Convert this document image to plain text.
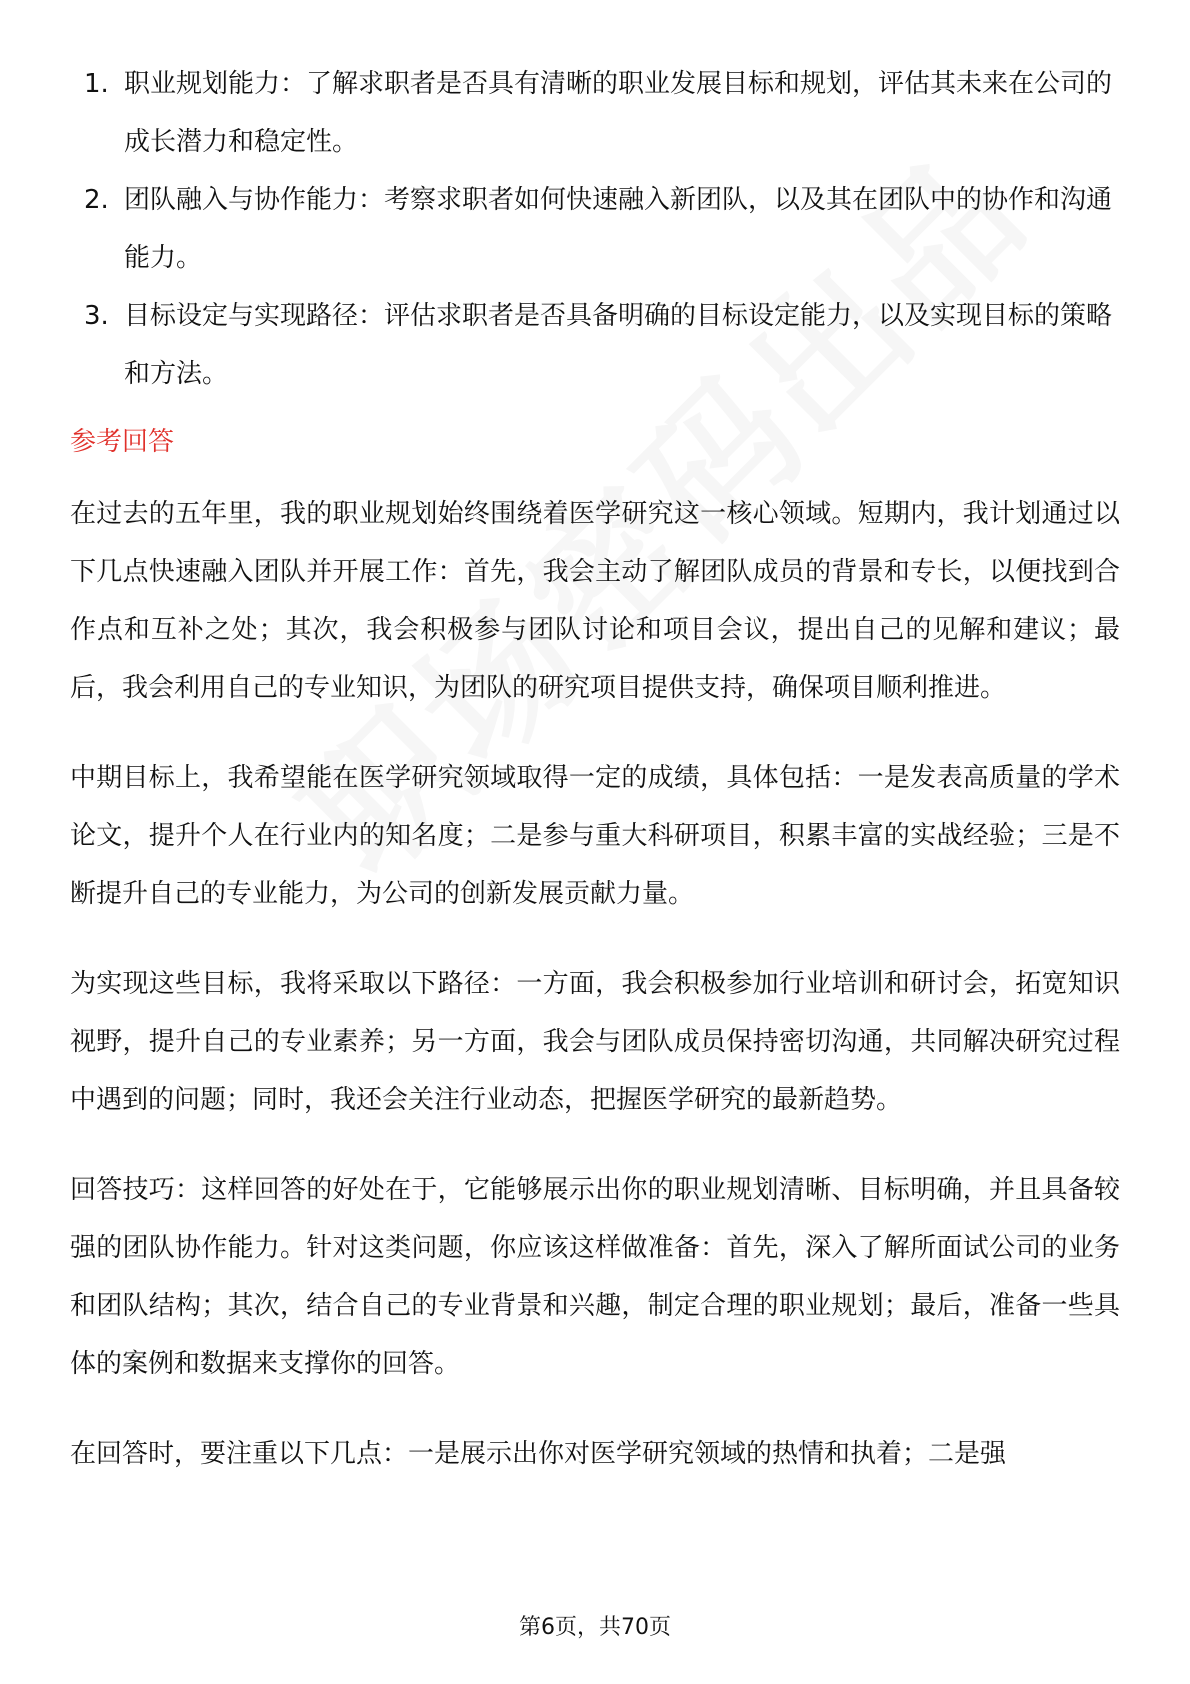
1. 职业规划能力：了解求职者是否具有清晰的职业发展目标和规划，评估其未来在公司的成长潜力和稳定性。
2. 团队融入与协作能力：考察求职者如何快速融入新团队，以及其在团队中的协作和沟通能力。
3. 目标设定与实现路径：评估求职者是否具备明确的目标设定能力，以及实现目标的策略和方法。
参考回答

在过去的五年里，我的职业规划始终围绕着医学研究这一核心领域。短期内，我计划通过以下几点快速融入团队并开展工作：首先，我会主动了解团队成员的背景和专长，以便找到合作点和互补之处；其次，我会积极参与团队讨论和项目会议，提出自己的见解和建议；最后，我会利用自己的专业知识，为团队的研究项目提供支持，确保项目顺利推进。

中期目标上，我希望能在医学研究领域取得一定的成绩，具体包括：一是发表高质量的学术论文，提升个人在行业内的知名度；二是参与重大科研项目，积累丰富的实战经验；三是不断提升自己的专业能力，为公司的创新发展贡献力量。

为实现这些目标，我将采取以下路径：一方面，我会积极参加行业培训和研讨会，拓宽知识视野，提升自己的专业素养；另一方面，我会与团队成员保持密切沟通，共同解决研究过程中遇到的问题；同时，我还会关注行业动态，把握医学研究的最新趋势。

回答技巧：这样回答的好处在于，它能够展示出你的职业规划清晰、目标明确，并且具备较强的团队协作能力。针对这类问题，你应该这样做准备：首先，深入了解所面试公司的业务和团队结构；其次，结合自己的专业背景和兴趣，制定合理的职业规划；最后，准备一些具体的案例和数据来支撑你的回答。

在回答时，要注重以下几点：一是展示出你对医学研究领域的热情和执着；二是强

第6页，共70页
